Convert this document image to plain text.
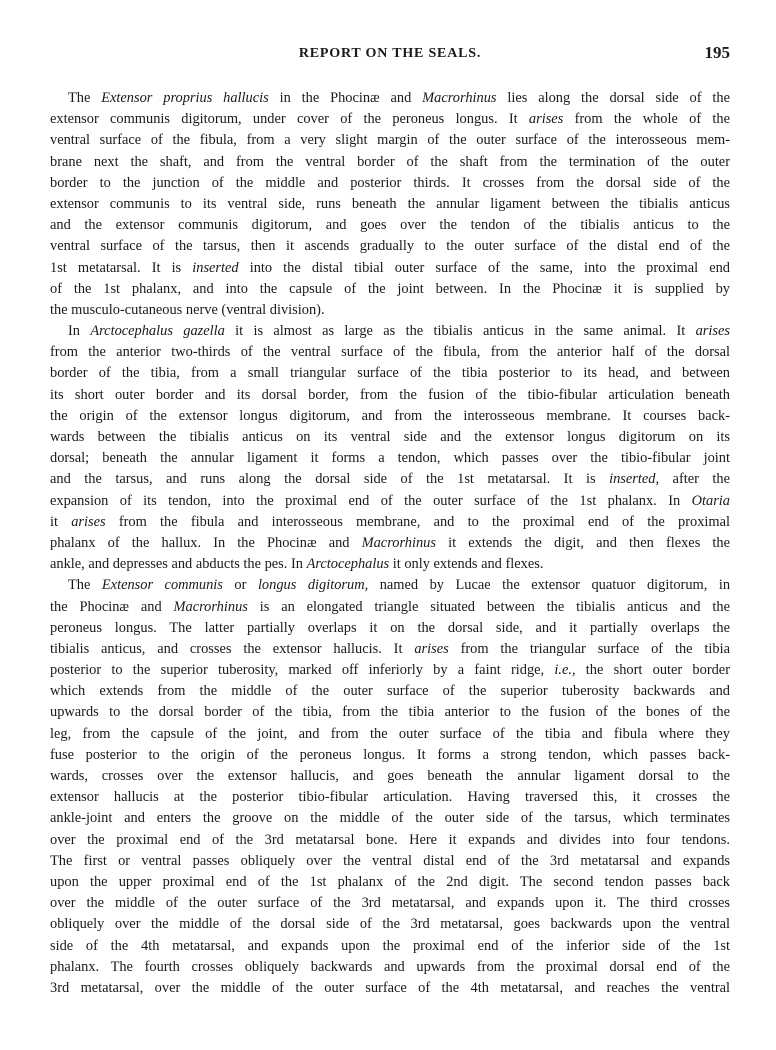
REPORT ON THE SEALS.	195
The Extensor proprius hallucis in the Phocinæ and Macrorhinus lies along the dorsal side of the
extensor communis digitorum, under cover of the peroneus longus. It arises from the whole of the
ventral surface of the fibula, from a very slight margin of the outer surface of the interosseous mem-
brane next the shaft, and from the ventral border of the shaft from the termination of the outer
border to the junction of the middle and posterior thirds. It crosses from the dorsal side of the
extensor communis to its ventral side, runs beneath the annular ligament between the tibialis anticus
and the extensor communis digitorum, and goes over the tendon of the tibialis anticus to the
ventral surface of the tarsus, then it ascends gradually to the outer surface of the distal end of the
1st metatarsal. It is inserted into the distal tibial outer surface of the same, into the proximal end
of the 1st phalanx, and into the capsule of the joint between. In the Phocinæ it is supplied by
the musculo-cutaneous nerve (ventral division).
In Arctocephalus gazella it is almost as large as the tibialis anticus in the same animal. It arises
from the anterior two-thirds of the ventral surface of the fibula, from the anterior half of the dorsal
border of the tibia, from a small triangular surface of the tibia posterior to its head, and between
its short outer border and its dorsal border, from the fusion of the tibio-fibular articulation beneath
the origin of the extensor longus digitorum, and from the interosseous membrane. It courses back-
wards between the tibialis anticus on its ventral side and the extensor longus digitorum on its
dorsal; beneath the annular ligament it forms a tendon, which passes over the tibio-fibular joint
and the tarsus, and runs along the dorsal side of the 1st metatarsal. It is inserted, after the
expansion of its tendon, into the proximal end of the outer surface of the 1st phalanx. In Otaria
it arises from the fibula and interosseous membrane, and to the proximal end of the proximal
phalanx of the hallux. In the Phocinæ and Macrorhinus it extends the digit, and then flexes the
ankle, and depresses and abducts the pes. In Arctocephalus it only extends and flexes.
The Extensor communis or longus digitorum, named by Lucae the extensor quatuor digitorum, in
the Phocinæ and Macrorhinus is an elongated triangle situated between the tibialis anticus and the
peroneus longus. The latter partially overlaps it on the dorsal side, and it partially overlaps the
tibialis anticus, and crosses the extensor hallucis. It arises from the triangular surface of the tibia
posterior to the superior tuberosity, marked off inferiorly by a faint ridge, i.e., the short outer border
which extends from the middle of the outer surface of the superior tuberosity backwards and
upwards to the dorsal border of the tibia, from the tibia anterior to the fusion of the bones of the
leg, from the capsule of the joint, and from the outer surface of the tibia and fibula where they
fuse posterior to the origin of the peroneus longus. It forms a strong tendon, which passes back-
wards, crosses over the extensor hallucis, and goes beneath the annular ligament dorsal to the
extensor hallucis at the posterior tibio-fibular articulation. Having traversed this, it crosses the
ankle-joint and enters the groove on the middle of the outer side of the tarsus, which terminates
over the proximal end of the 3rd metatarsal bone. Here it expands and divides into four tendons.
The first or ventral passes obliquely over the ventral distal end of the 3rd metatarsal and expands
upon the upper proximal end of the 1st phalanx of the 2nd digit. The second tendon passes back
over the middle of the outer surface of the 3rd metatarsal, and expands upon it. The third crosses
obliquely over the middle of the dorsal side of the 3rd metatarsal, goes backwards upon the ventral
side of the 4th metatarsal, and expands upon the proximal end of the inferior side of the 1st
phalanx. The fourth crosses obliquely backwards and upwards from the proximal dorsal end of the
3rd metatarsal, over the middle of the outer surface of the 4th metatarsal, and reaches the ventral
